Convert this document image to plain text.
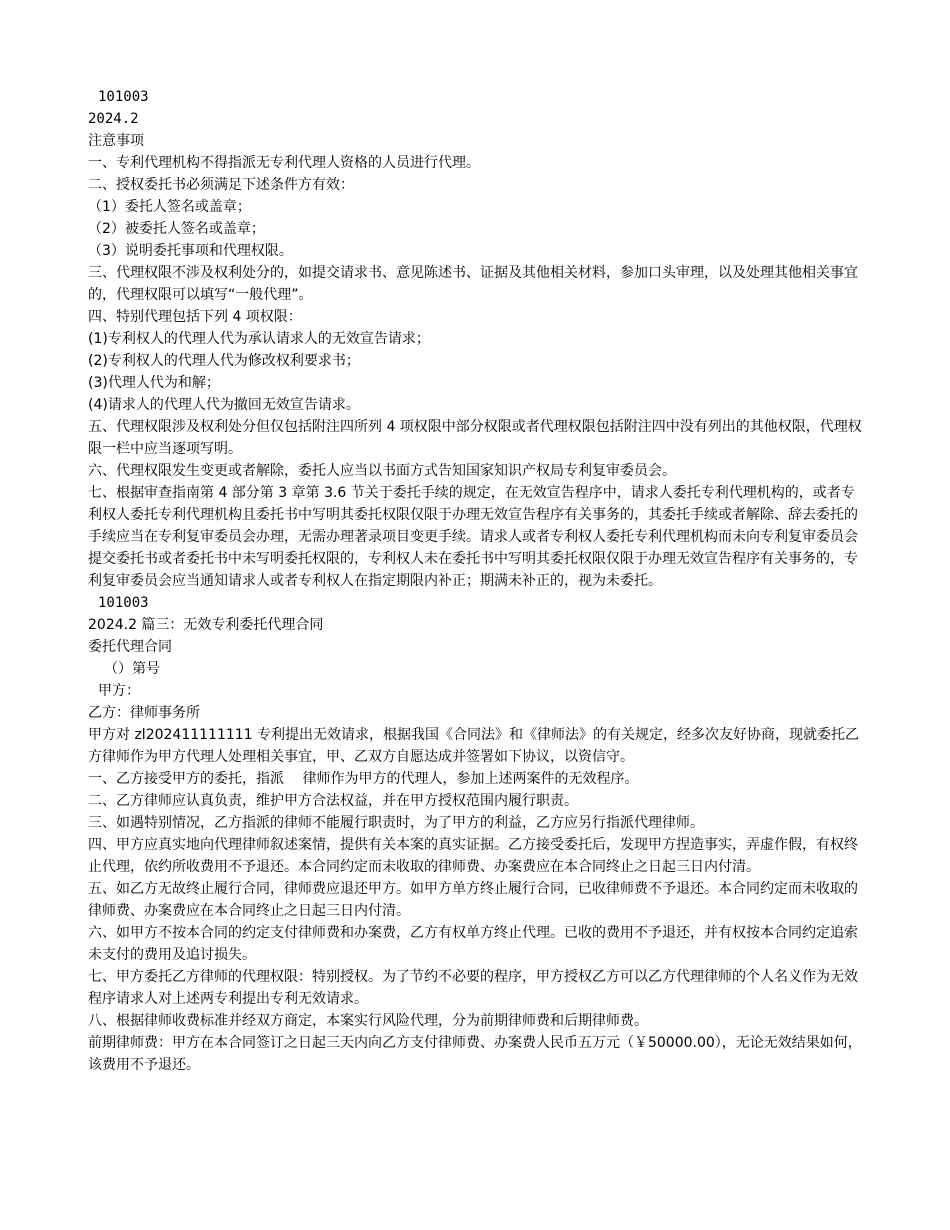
101003
2024.2
注意事项
一、专利代理机构不得指派无专利代理人资格的人员进行代理。
二、授权委托书必须满足下述条件方有效：
（1）委托人签名或盖章；
（2）被委托人签名或盖章；
（3）说明委托事项和代理权限。
三、代理权限不涉及权利处分的，如提交请求书、意见陈述书、证据及其他相关材料，参加口头审理，以及处理其他相关事宜的，代理权限可以填写“一般代理”。
四、特别代理包括下列 4 项权限：
(1)专利权人的代理人代为承认请求人的无效宣告请求；
(2)专利权人的代理人代为修改权利要求书；
(3)代理人代为和解；
(4)请求人的代理人代为撤回无效宣告请求。
五、代理权限涉及权利处分但仅包括附注四所列 4 项权限中部分权限或者代理权限包括附注四中没有列出的其他权限，代理权限一栏中应当逐项写明。
六、代理权限发生变更或者解除，委托人应当以书面方式告知国家知识产权局专利复审委员会。
七、根据审查指南第 4 部分第 3 章第 3.6 节关于委托手续的规定，在无效宣告程序中，请求人委托专利代理机构的，或者专利权人委托专利代理机构且委托书中写明其委托权限仅限于办理无效宣告程序有关事务的，其委托手续或者解除、辞去委托的手续应当在专利复审委员会办理，无需办理著录项目变更手续。请求人或者专利权人委托专利代理机构而未向专利复审委员会提交委托书或者委托书中未写明委托权限的，专利权人未在委托书中写明其委托权限仅限于办理无效宣告程序有关事务的，专利复审委员会应当通知请求人或者专利权人在指定期限内补正；期满未补正的，视为未委托。
101003
2024.2 篇三：无效专利委托代理合同
委托代理合同
（）第号
甲方：
乙方：律师事务所
甲方对 zl202411111111 专利提出无效请求，根据我国《合同法》和《律师法》的有关规定，经多次友好协商，现就委托乙方律师作为甲方代理人处理相关事宜，甲、乙双方自愿达成并签署如下协议，以资信守。
一、乙方接受甲方的委托，指派　 律师作为甲方的代理人，参加上述两案件的无效程序。
二、乙方律师应认真负责，维护甲方合法权益，并在甲方授权范围内履行职责。
三、如遇特别情况，乙方指派的律师不能履行职责时，为了甲方的利益，乙方应另行指派代理律师。
四、甲方应真实地向代理律师叙述案情，提供有关本案的真实证据。乙方接受委托后，发现甲方捏造事实，弄虚作假，有权终止代理，依约所收费用不予退还。本合同约定而未收取的律师费、办案费应在本合同终止之日起三日内付清。
五、如乙方无故终止履行合同，律师费应退还甲方。如甲方单方终止履行合同，已收律师费不予退还。本合同约定而未收取的律师费、办案费应在本合同终止之日起三日内付清。
六、如甲方不按本合同的约定支付律师费和办案费，乙方有权单方终止代理。已收的费用不予退还，并有权按本合同约定追索未支付的费用及追讨损失。
七、甲方委托乙方律师的代理权限：特别授权。为了节约不必要的程序，甲方授权乙方可以乙方代理律师的个人名义作为无效程序请求人对上述两专利提出专利无效请求。
八、根据律师收费标准并经双方商定，本案实行风险代理，分为前期律师费和后期律师费。
前期律师费：甲方在本合同签订之日起三天内向乙方支付律师费、办案费人民币五万元（￥50000.00），无论无效结果如何，该费用不予退还。
